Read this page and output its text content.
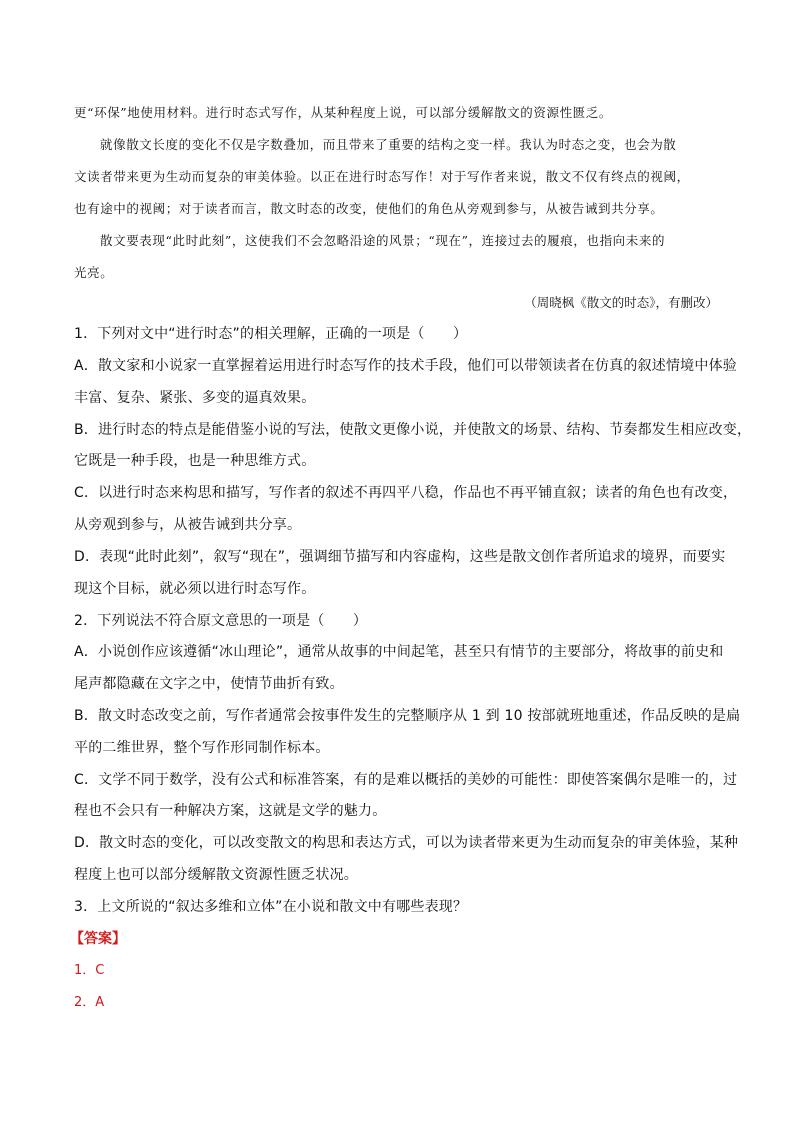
更“环保”地使用材料。进行时态式写作，从某种程度上说，可以部分缓解散文的资源性匮乏。
就像散文长度的变化不仅是字数叠加，而且带来了重要的结构之变一样。我认为时态之变，也会为散
文读者带来更为生动而复杂的审美体验。以正在进行时态写作！对于写作者来说，散文不仅有终点的视阈，
也有途中的视阈；对于读者而言，散文时态的改变，使他们的角色从旁观到参与，从被告诫到共分享。
散文要表现“此时此刻”，这使我们不会忽略沿途的风景；“现在”，连接过去的履痕，也指向未来的
光亮。
（周晓枫《散文的时态》，有删改）
1．下列对文中“进行时态”的相关理解，正确的一项是（　　）
A．散文家和小说家一直掌握着运用进行时态写作的技术手段，他们可以带领读者在仿真的叙述情境中体验
丰富、复杂、紧张、多变的逼真效果。
B．进行时态的特点是能借鉴小说的写法，使散文更像小说，并使散文的场景、结构、节奏都发生相应改变，
它既是一种手段，也是一种思维方式。
C．以进行时态来构思和描写，写作者的叙述不再四平八稳，作品也不再平铺直叙；读者的角色也有改变，
从旁观到参与，从被告诫到共分享。
D．表现“此时此刻”，叙写“现在”，强调细节描写和内容虚构，这些是散文创作者所追求的境界，而要实
现这个目标，就必须以进行时态写作。
2．下列说法不符合原文意思的一项是（　　）
A．小说创作应该遵循“冰山理论”，通常从故事的中间起笔，甚至只有情节的主要部分，将故事的前史和
尾声都隐藏在文字之中，使情节曲折有致。
B．散文时态改变之前，写作者通常会按事件发生的完整顺序从 1 到 10 按部就班地重述，作品反映的是扁
平的二维世界，整个写作形同制作标本。
C．文学不同于数学，没有公式和标准答案，有的是难以概括的美妙的可能性：即使答案偶尔是唯一的，过
程也不会只有一种解决方案，这就是文学的魅力。
D．散文时态的变化，可以改变散文的构思和表达方式，可以为读者带来更为生动而复杂的审美体验，某种
程度上也可以部分缓解散文资源性匮乏状况。
3．上文所说的“叙达多维和立体”在小说和散文中有哪些表现？
【答案】
1．C
2．A
